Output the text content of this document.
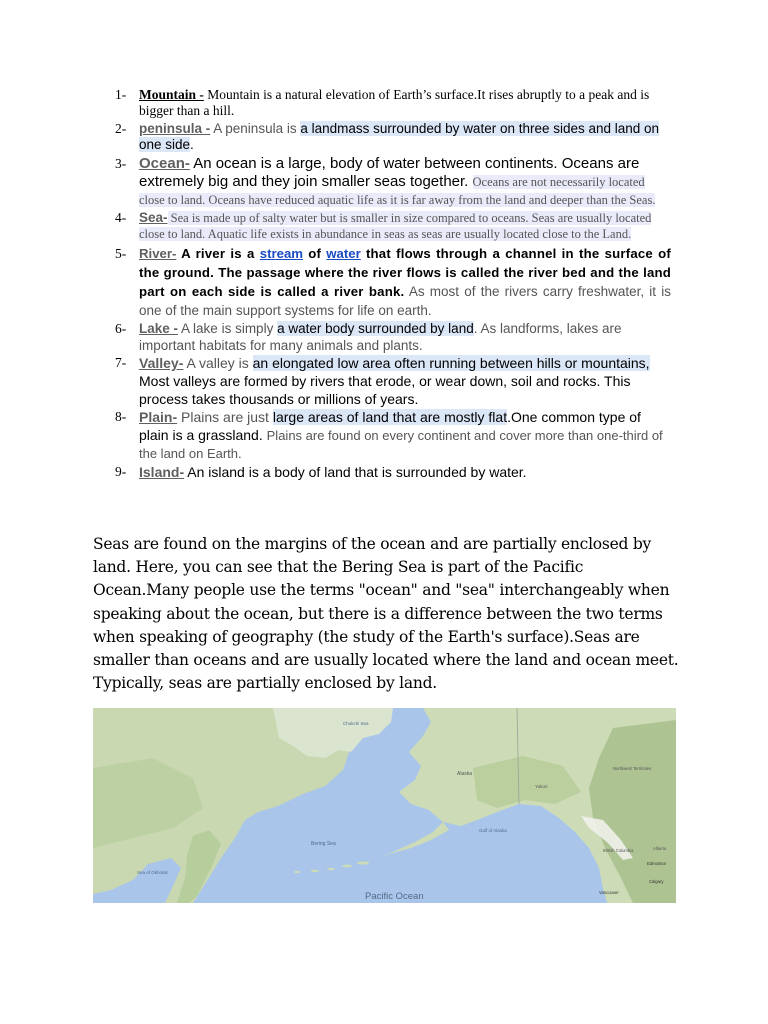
1- Mountain - Mountain is a natural elevation of Earth’s surface.It rises abruptly to a peak and is bigger than a hill.
2- peninsula - A peninsula is a landmass surrounded by water on three sides and land on one side.
3- Ocean- An ocean is a large, body of water between continents. Oceans are extremely big and they join smaller seas together. Oceans are not necessarily located close to land. Oceans have reduced aquatic life as it is far away from the land and deeper than the Seas.
4- Sea- Sea is made up of salty water but is smaller in size compared to oceans. Seas are usually located close to land. Aquatic life exists in abundance in seas as seas are usually located close to the Land.
5- River- A river is a stream of water that flows through a channel in the surface of the ground. The passage where the river flows is called the river bed and the land part on each side is called a river bank. As most of the rivers carry freshwater, it is one of the main support systems for life on earth.
6- Lake - A lake is simply a water body surrounded by land. As landforms, lakes are important habitats for many animals and plants.
7- Valley- A valley is an elongated low area often running between hills or mountains, Most valleys are formed by rivers that erode, or wear down, soil and rocks. This process takes thousands or millions of years.
8- Plain- Plains are just large areas of land that are mostly flat.One common type of plain is a grassland. Plains are found on every continent and cover more than one-third of the land on Earth.
9- Island- An island is a body of land that is surrounded by water.

Seas are found on the margins of the ocean and are partially enclosed by land. Here, you can see that the Bering Sea is part of the Pacific Ocean.Many people use the terms "ocean" and "sea" interchangeably when speaking about the ocean, but there is a difference between the two terms when speaking of geography (the study of the Earth's surface).Seas are smaller than oceans and are usually located where the land and ocean meet. Typically, seas are partially enclosed by land.

Pacific Ocean
Bering Sea
Chukchi Sea
Gulf of Alaska
Sea of Okhotsk
Alaska
Yukon
Northwest Territories
British Columbia	Alberta
Edmonton
Calgary
Vancouver
